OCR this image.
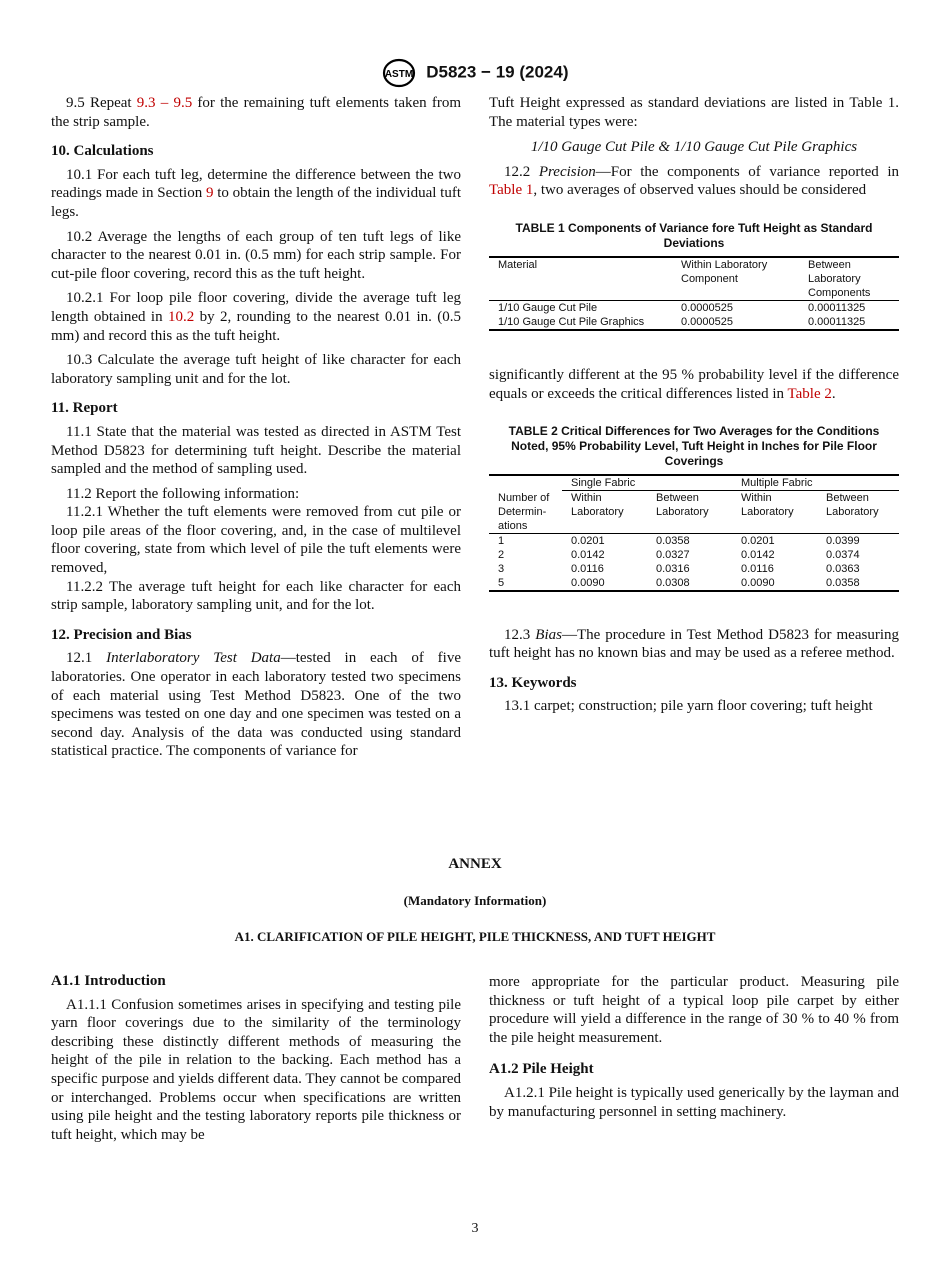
ASTM D5823 − 19 (2024)

9.5 Repeat 9.3 – 9.5 for the remaining tuft elements taken from the strip sample.

10. Calculations

10.1 For each tuft leg, determine the difference between the two readings made in Section 9 to obtain the length of the individual tuft legs.

10.2 Average the lengths of each group of ten tuft legs of like character to the nearest 0.01 in. (0.5 mm) for each strip sample. For cut-pile floor covering, record this as the tuft height.

10.2.1 For loop pile floor covering, divide the average tuft leg length obtained in 10.2 by 2, rounding to the nearest 0.01 in. (0.5 mm) and record this as the tuft height.

10.3 Calculate the average tuft height of like character for each laboratory sampling unit and for the lot.

11. Report

11.1 State that the material was tested as directed in ASTM Test Method D5823 for determining tuft height. Describe the material sampled and the method of sampling used.

11.2 Report the following information:

11.2.1 Whether the tuft elements were removed from cut pile or loop pile areas of the floor covering, and, in the case of multilevel floor covering, state from which level of pile the tuft elements were removed,

11.2.2 The average tuft height for each like character for each strip sample, laboratory sampling unit, and for the lot.

12. Precision and Bias

12.1 Interlaboratory Test Data—tested in each of five laboratories. One operator in each laboratory tested two specimens of each material using Test Method D5823. One of the two specimens was tested on one day and one specimen was tested on a second day. Analysis of the data was conducted using standard statistical practice. The components of variance for

Tuft Height expressed as standard deviations are listed in Table 1. The material types were:

1/10 Gauge Cut Pile & 1/10 Gauge Cut Pile Graphics

12.2 Precision—For the components of variance reported in Table 1, two averages of observed values should be considered

TABLE 1 Components of Variance fore Tuft Height as Standard Deviations
Material	Within Laboratory Component	Between Laboratory Components
1/10 Gauge Cut Pile	0.0000525	0.00011325
1/10 Gauge Cut Pile Graphics	0.0000525	0.00011325

significantly different at the 95 % probability level if the difference equals or exceeds the critical differences listed in Table 2.

TABLE 2 Critical Differences for Two Averages for the Conditions Noted, 95% Probability Level, Tuft Height in Inches for Pile Floor Coverings
	Single Fabric		Multiple Fabric	
Number of Determin- ations	Within Laboratory	Between Laboratory	Within Laboratory	Between Laboratory
1	0.0201	0.0358	0.0201	0.0399
2	0.0142	0.0327	0.0142	0.0374
3	0.0116	0.0316	0.0116	0.0363
5	0.0090	0.0308	0.0090	0.0358

12.3 Bias—The procedure in Test Method D5823 for measuring tuft height has no known bias and may be used as a referee method.

13. Keywords

13.1 carpet; construction; pile yarn floor covering; tuft height

ANNEX
(Mandatory Information)
A1. CLARIFICATION OF PILE HEIGHT, PILE THICKNESS, AND TUFT HEIGHT
A1.1 Introduction

A1.1.1 Confusion sometimes arises in specifying and testing pile yarn floor coverings due to the similarity of the terminology describing these distinctly different methods of measuring the height of the pile in relation to the backing. Each method has a specific purpose and yields different data. They cannot be compared or interchanged. Problems occur when specifications are written using pile height and the testing laboratory reports pile thickness or tuft height, which may be

more appropriate for the particular product. Measuring pile thickness or tuft height of a typical loop pile carpet by either procedure will yield a difference in the range of 30 % to 40 % from the pile height measurement.

A1.2 Pile Height

A1.2.1 Pile height is typically used generically by the layman and by manufacturing personnel in setting machinery.

3
